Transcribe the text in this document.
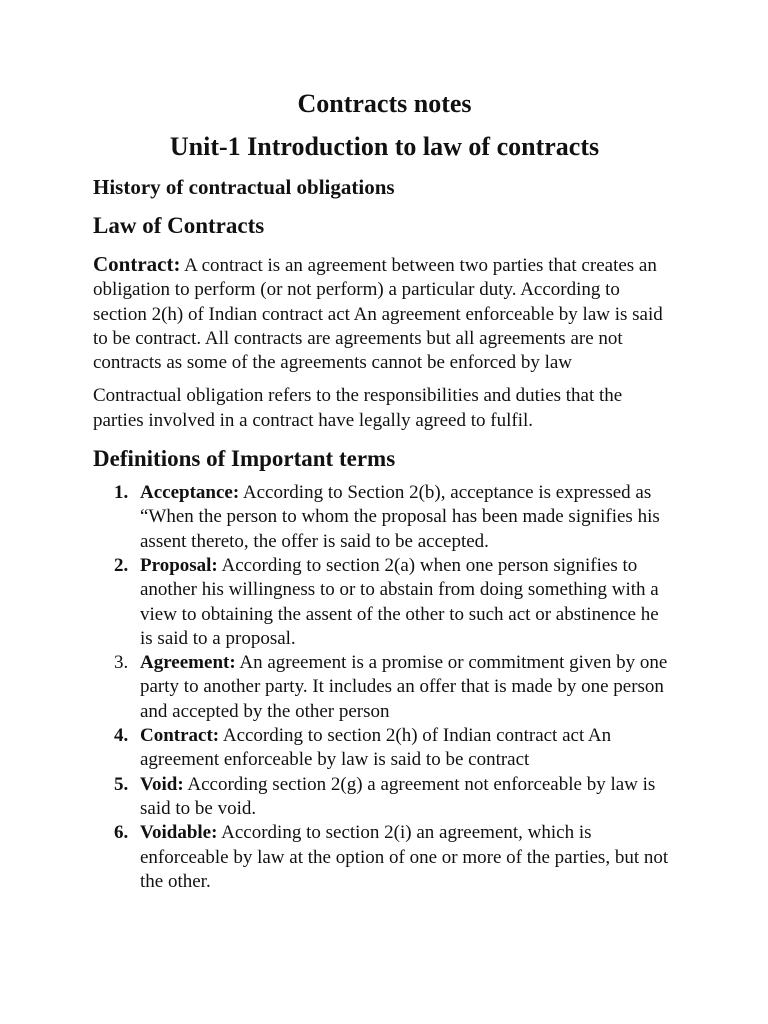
Contracts notes
Unit-1 Introduction to law of contracts
History of contractual obligations
Law of Contracts

Contract: A contract is an agreement between two parties that creates an obligation to perform (or not perform) a particular duty. According to section 2(h) of Indian contract act An agreement enforceable by law is said to be contract. All contracts are agreements but all agreements are not contracts as some of the agreements cannot be enforced by law

Contractual obligation refers to the responsibilities and duties that the parties involved in a contract have legally agreed to fulfil.

Definitions of Important terms
1. Acceptance: According to Section 2(b), acceptance is expressed as “When the person to whom the proposal has been made signifies his assent thereto, the offer is said to be accepted.
2. Proposal: According to section 2(a) when one person signifies to another his willingness to or to abstain from doing something with a view to obtaining the assent of the other to such act or abstinence he is said to a proposal.
3. Agreement: An agreement is a promise or commitment given by one party to another party. It includes an offer that is made by one person and accepted by the other person
4. Contract: According to section 2(h) of Indian contract act An agreement enforceable by law is said to be contract
5. Void: According section 2(g) a agreement not enforceable by law is said to be void.
6. Voidable: According to section 2(i) an agreement, which is enforceable by law at the option of one or more of the parties, but not the other.
